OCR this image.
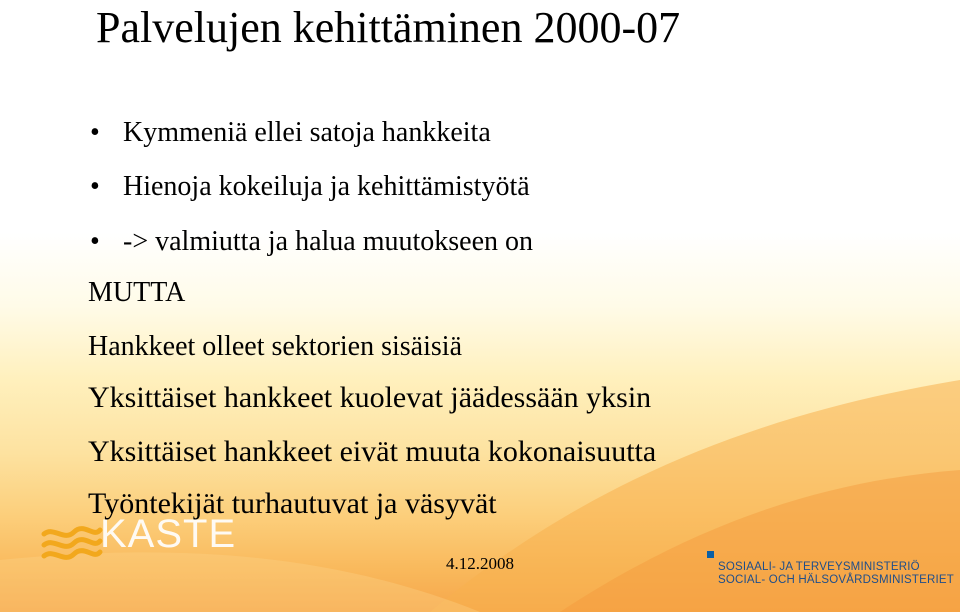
Palvelujen kehittäminen 2000-07
• Kymmeniä ellei satoja hankkeita
• Hienoja kokeiluja ja kehittämistyötä
• -> valmiutta ja halua muutokseen on
MUTTA
Hankkeet olleet sektorien sisäisiä
Yksittäiset hankkeet kuolevat jäädessään yksin
Yksittäiset hankkeet eivät muuta kokonaisuutta
KASTE
Työntekijät turhautuvat ja väsyvät
4.12.2008	SOSIAALI- JA TERVEYSMINISTERIÖ
SOCIAL- OCH HÄLSOVÅRDSMINISTERIET
